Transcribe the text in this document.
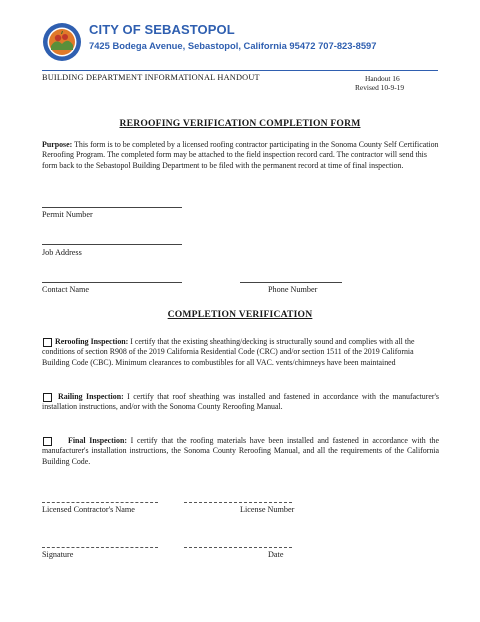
CITY OF SEBASTOPOL
7425 Bodega Avenue, Sebastopol, California 95472 707-823-8597
BUILDING DEPARTMENT INFORMATIONAL HANDOUT	Handout 16
Revised 10-9-19
REROOFING VERIFICATION COMPLETION FORM
Purpose: This form is to be completed by a licensed roofing contractor participating in the Sonoma County Self Certification Reroofing Program. The completed form may be attached to the field inspection record card. The contractor will send this form back to the Sebastopol Building Department to be filed with the permanent record at time of final inspection.
Permit Number
Job Address
Contact Name	Phone Number
COMPLETION VERIFICATION
Reroofing Inspection: I certify that the existing sheathing/decking is structurally sound and complies with all the conditions of section R908 of the 2019 California Residential Code (CRC) and/or section 1511 of the 2019 California Building Code (CBC). Minimum clearances to combustibles for all VAC. vents/chimneys have been maintained
Railing Inspection: I certify that roof sheathing was installed and fastened in accordance with the manufacturer's installation instructions, and/or with the Sonoma County Reroofing Manual.
Final Inspection: I certify that the roofing materials have been installed and fastened in accordance with the manufacturer's installation instructions, the Sonoma County Reroofing Manual, and all the requirements of the California Building Code.
Licensed Contractor's Name	License Number
Signature	Date
